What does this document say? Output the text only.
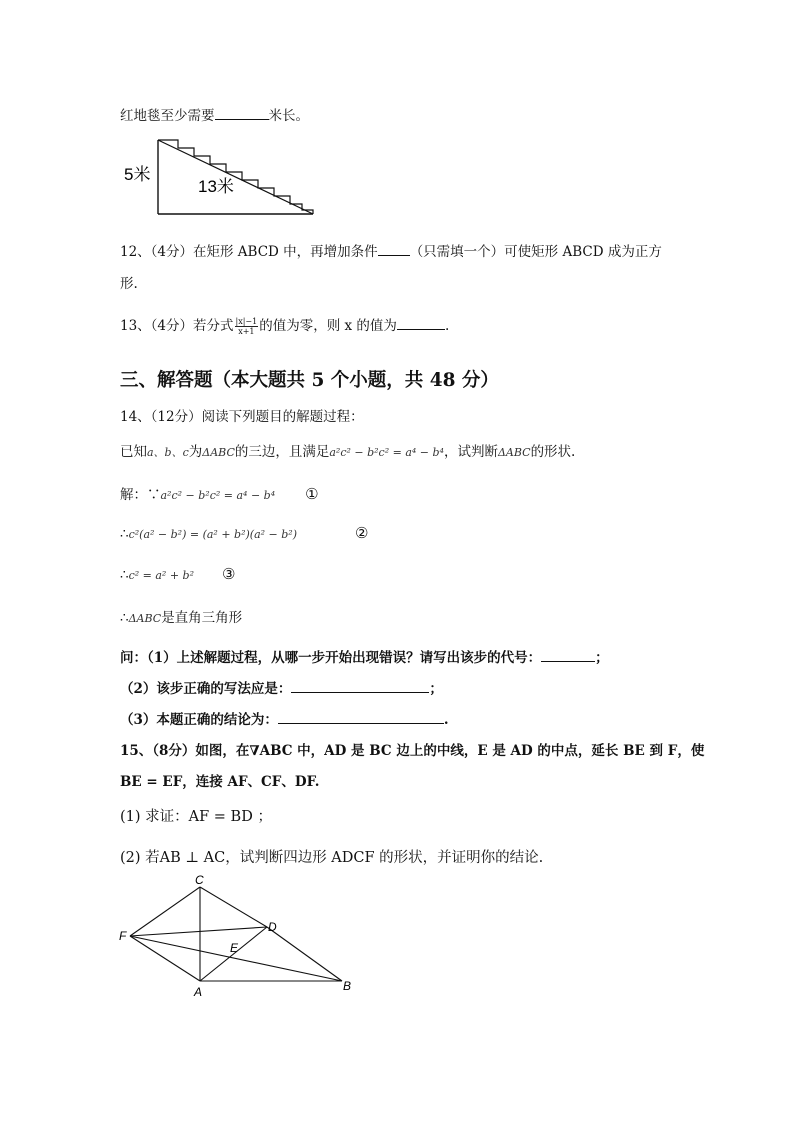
红地毯至少需要	米长。
5米
13米
12、（4分）在矩形 ABCD 中，再增加条件 （只需填一个）可使矩形 ABCD 成为正方
形.
13、（4分）若分式 $\frac{|x|-1}{x+1}$ 的值为零，则 x 的值为	.
三、解答题（本大题共 5 个小题，共 48 分）
14、（12分）阅读下列题目的解题过程：
已知a、b、c为ΔABC的三边，且满足a²c² − b²c² = a⁴ − b⁴，试判断ΔABC的形状.
解：∵a²c² − b²c² = a⁴ − b⁴ ①
∴c²(a² − b²) = (a² + b²)(a² − b²)	②
∴c² = a² + b² ③
∴ΔABC是直角三角形
问：（1）上述解题过程，从哪一步开始出现错误？请写出该步的代号：	；
（2）该步正确的写法应是：	；
（3）本题正确的结论为：	.
15、（8分）如图，在∇ABC 中，AD 是 BC 边上的中线，E 是 AD 的中点，延长 BE 到 F，使
BE = EF，连接 AF、CF、DF.
(1) 求证：AF = BD ；
(2) 若AB ⊥ AC，试判断四边形 ADCF 的形状，并证明你的结论.
C
D
F
E
A	B
